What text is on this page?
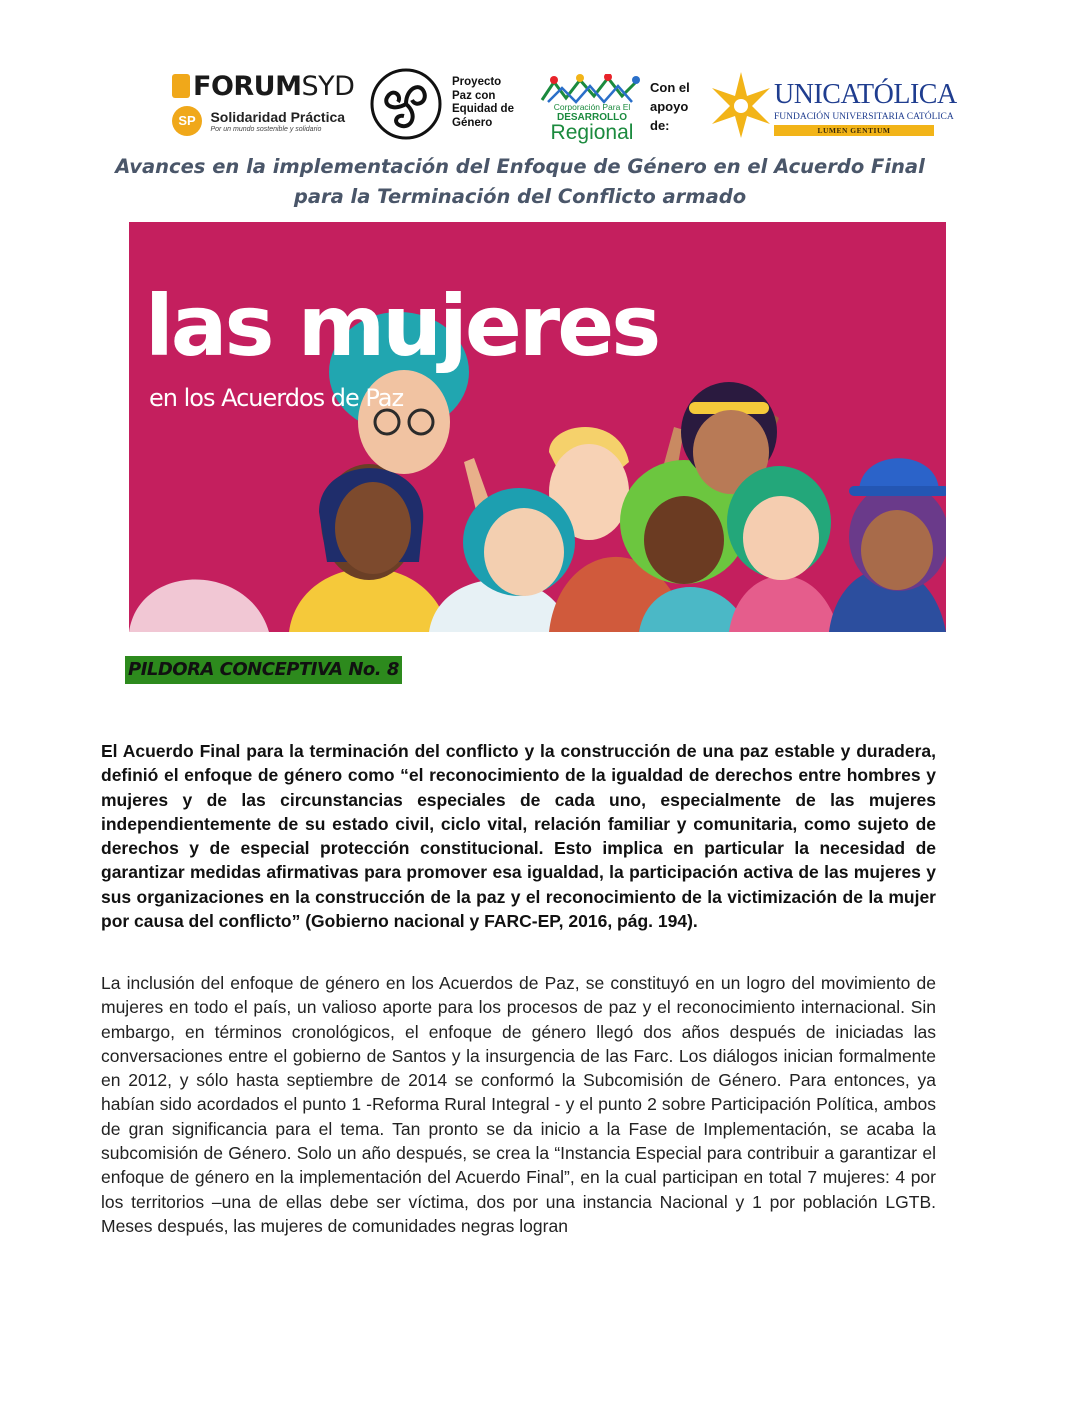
FORUMSYD
SP Solidaridad Práctica
Por un mundo sostenible y solidario
Proyecto
Paz con
Equidad de
Género
Corporación Para El
DESARROLLO
Regional
Con el
apoyo
de:
UNICATÓLICA
FUNDACIÓN UNIVERSITARIA CATÓLICA
LUMEN GENTIUM
Avances en la implementación del Enfoque de Género en el Acuerdo Final para la Terminación del Conflicto armado
las mujeres
en los Acuerdos de Paz
PILDORA CONCEPTIVA No. 8

El Acuerdo Final para la terminación del conflicto y la construcción de una paz estable y duradera, definió el enfoque de género como “el reconocimiento de la igualdad de derechos entre hombres y mujeres y de las circunstancias especiales de cada uno, especialmente de las mujeres independientemente de su estado civil, ciclo vital, relación familiar y comunitaria, como sujeto de derechos y de especial protección constitucional. Esto implica en particular la necesidad de garantizar medidas afirmativas para promover esa igualdad, la participación activa de las mujeres y sus organizaciones en la construcción de la paz y el reconocimiento de la victimización de la mujer por causa del conflicto” (Gobierno nacional y FARC-EP, 2016, pág. 194).

La inclusión del enfoque de género en los Acuerdos de Paz, se constituyó en un logro del movimiento de mujeres en todo el país, un valioso aporte para los procesos de paz y el reconocimiento internacional. Sin embargo, en términos cronológicos, el enfoque de género llegó dos años después de iniciadas las conversaciones entre el gobierno de Santos y la insurgencia de las Farc. Los diálogos inician formalmente en 2012, y sólo hasta septiembre de 2014 se conformó la Subcomisión de Género. Para entonces, ya habían sido acordados el punto 1 -Reforma Rural Integral - y el punto 2 sobre Participación Política, ambos de gran significancia para el tema. Tan pronto se da inicio a la Fase de Implementación, se acaba la subcomisión de Género. Solo un año después, se crea la “Instancia Especial para contribuir a garantizar el enfoque de género en la implementación del Acuerdo Final”, en la cual participan en total 7 mujeres: 4 por los territorios –una de ellas debe ser víctima, dos por una instancia Nacional y 1 por población LGTB. Meses después, las mujeres de comunidades negras logran
